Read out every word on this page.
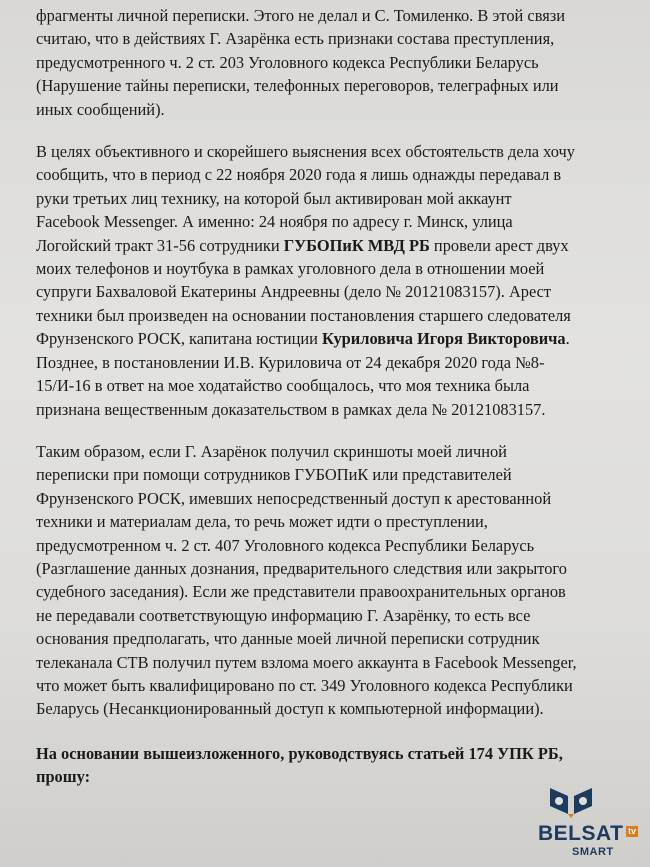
фрагменты личной переписки. Этого не делал и С. Томиленко. В этой связи
считаю, что в действиях Г. Азарёнка есть признаки состава преступления,
предусмотренного ч. 2 ст. 203 Уголовного кодекса Республики Беларусь
(Нарушение тайны переписки, телефонных переговоров, телеграфных или
иных сообщений).

В целях объективного и скорейшего выяснения всех обстоятельств дела хочу
сообщить, что в период с 22 ноября 2020 года я лишь однажды передавал в
руки третьих лиц технику, на которой был активирован мой аккаунт
Facebook Messenger. А именно: 24 ноября по адресу г. Минск, улица
Логойский тракт 31-56 сотрудники ГУБОПиК МВД РБ провели арест двух
моих телефонов и ноутбука в рамках уголовного дела в отношении моей
супруги Бахваловой Екатерины Андреевны (дело № 20121083157). Арест
техники был произведен на основании постановления старшего следователя
Фрунзенского РОСК, капитана юстиции Куриловича Игоря Викторовича.
Позднее, в постановлении И.В. Куриловича от 24 декабря 2020 года №8-
15/И-16 в ответ на мое ходатайство сообщалось, что моя техника была
признана вещественным доказательством в рамках дела № 20121083157.

Таким образом, если Г. Азарёнок получил скриншоты моей личной
переписки при помощи сотрудников ГУБОПиК или представителей
Фрунзенского РОСК, имевших непосредственный доступ к арестованной
техники и материалам дела, то речь может идти о преступлении,
предусмотренном ч. 2 ст. 407 Уголовного кодекса Республики Беларусь
(Разглашение данных дознания, предварительного следствия или закрытого
судебного заседания). Если же представители правоохранительных органов
не передавали соответствующую информацию Г. Азарёнку, то есть все
основания предполагать, что данные моей личной переписки сотрудник
телеканала СТВ получил путем взлома моего аккаунта в Facebook Messenger,
что может быть квалифицировано по ст. 349 Уголовного кодекса Республики
Беларусь (Несанкционированный доступ к компьютерной информации).

На основании вышеизложенного, руководствуясь статьей 174 УПК РБ,
прошу:

BELSAT tv
SMART
